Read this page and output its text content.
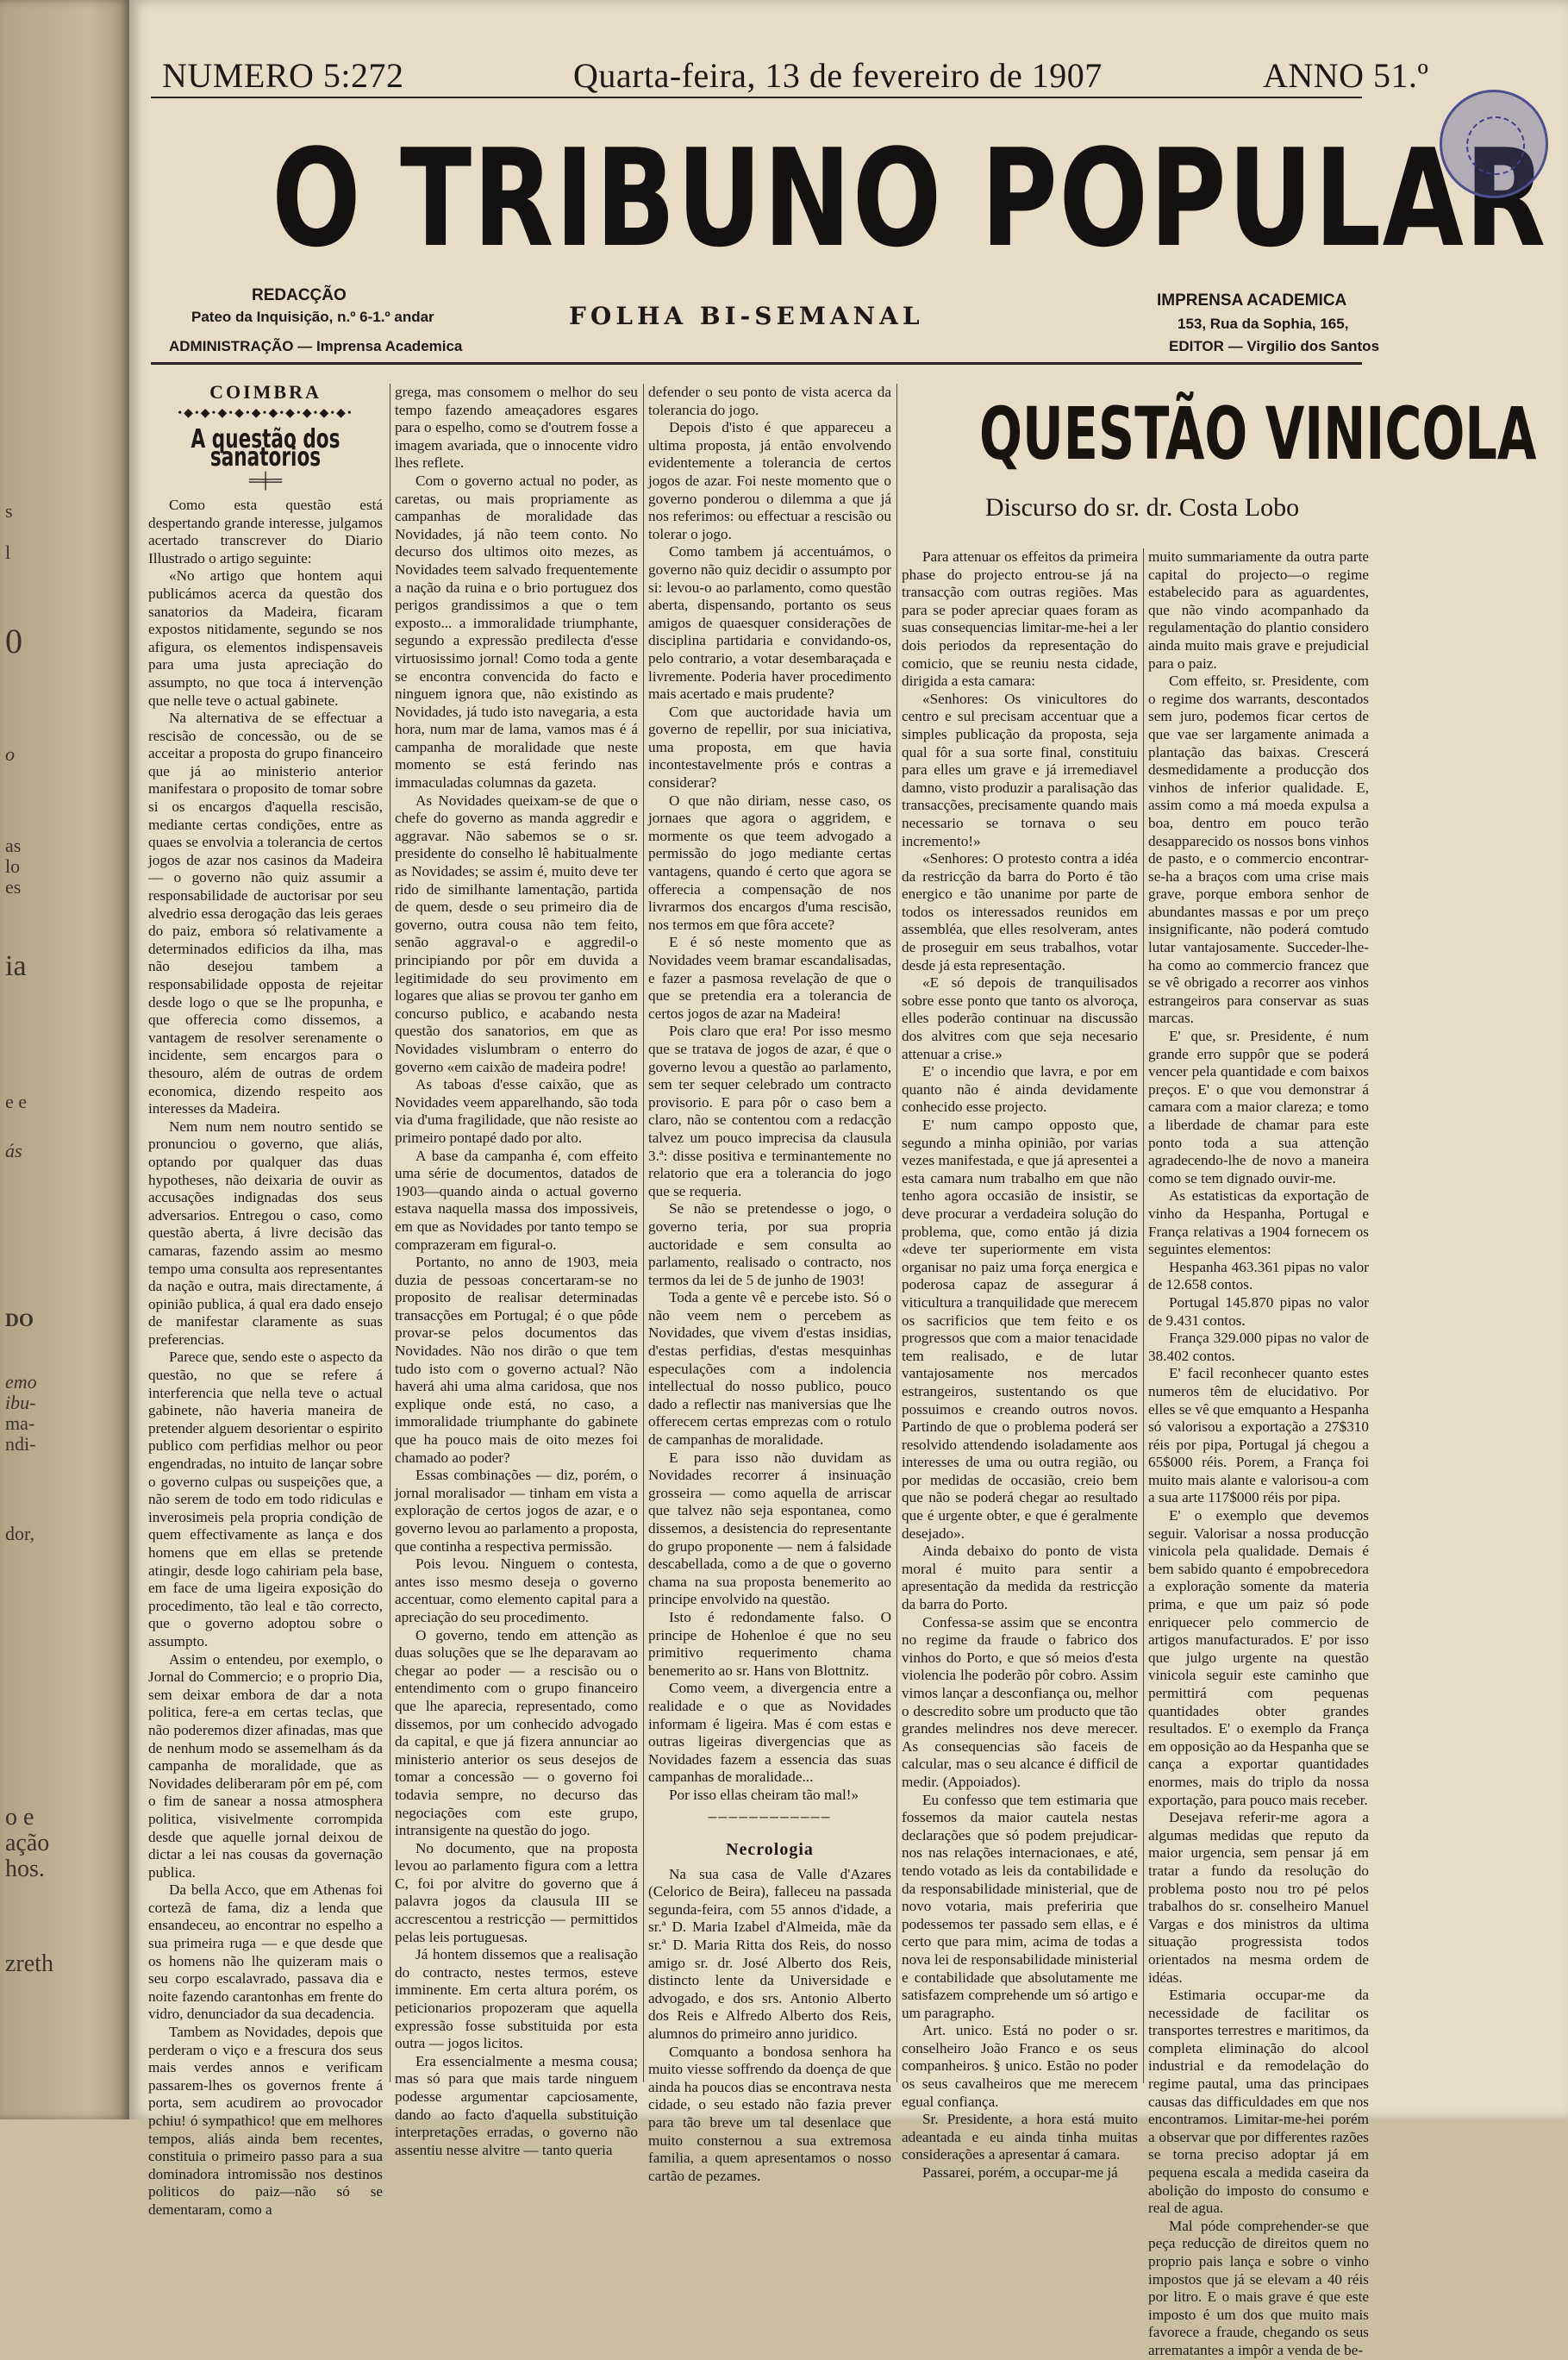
s
l
0
o
as
lo
es
ia
e e
ás
DO
emo
ibu-
ma-
ndi-
dor,
o e
ação
hos.
zreth
NUMERO 5:272	Quarta-feira, 13 de fevereiro de 1907	ANNO 51.º
O TRIBUNO POPULAR
REDACÇÃO
Pateo da Inquisição, n.º 6-1.º andar
ADMINISTRAÇÃO — Imprensa Academica
FOLHA BI-SEMANAL
IMPRENSA ACADEMICA
153, Rua da Sophia, 165,
EDITOR — Virgilio dos Santos
COIMBRA
•◆•◆•◆•◆•◆•◆•◆•◆•◆•◆•
A questão dos sanatorios
═╪═

Como esta questão está despertando grande interesse, julgamos acertado transcrever do Diario Illustrado o artigo seguinte:

«No artigo que hontem aqui publicámos acerca da questão dos sanatorios da Madeira, ficaram expostos nitidamente, segundo se nos afigura, os elementos indispensaveis para uma justa apreciação do assumpto, no que toca á intervenção que nelle teve o actual gabinete.

Na alternativa de se effectuar a rescisão de concessão, ou de se acceitar a proposta do grupo financeiro que já ao ministerio anterior manifestara o proposito de tomar sobre si os encargos d'aquella rescisão, mediante certas condições, entre as quaes se envolvia a tolerancia de certos jogos de azar nos casinos da Madeira — o governo não quiz assumir a responsabilidade de auctorisar por seu alvedrio essa derogação das leis geraes do paiz, embora só relativamente a determinados edificios da ilha, mas não desejou tambem a responsabilidade opposta de rejeitar desde logo o que se lhe propunha, e que offerecia como dissemos, a vantagem de resolver serenamente o incidente, sem encargos para o thesouro, além de outras de ordem economica, dizendo respeito aos interesses da Madeira.

Nem num nem noutro sentido se pronunciou o governo, que aliás, optando por qualquer das duas hypotheses, não deixaria de ouvir as accusações indignadas dos seus adversarios. Entregou o caso, como questão aberta, á livre decisão das camaras, fazendo assim ao mesmo tempo uma consulta aos representantes da nação e outra, mais directamente, á opinião publica, á qual era dado ensejo de manifestar claramente as suas preferencias.

Parece que, sendo este o aspecto da questão, no que se refere á interferencia que nella teve o actual gabinete, não haveria maneira de pretender alguem desorientar o espirito publico com perfidias melhor ou peor engendradas, no intuito de lançar sobre o governo culpas ou suspeições que, a não serem de todo em todo ridiculas e inverosimeis pela propria condição de quem effectivamente as lança e dos homens que em ellas se pretende atingir, desde logo cahiriam pela base, em face de uma ligeira exposição do procedimento, tão leal e tão correcto, que o governo adoptou sobre o assumpto.

Assim o entendeu, por exemplo, o Jornal do Commercio; e o proprio Dia, sem deixar embora de dar a nota politica, fere-a em certas teclas, que não poderemos dizer afinadas, mas que de nenhum modo se assemelham ás da campanha de moralidade, que as Novidades deliberaram pôr em pé, com o fim de sanear a nossa atmosphera politica, visivelmente corrompida desde que aquelle jornal deixou de dictar a lei nas cousas da governação publica.

Da bella Acco, que em Athenas foi cortezã de fama, diz a lenda que ensandeceu, ao encontrar no espelho a sua primeira ruga — e que desde que os homens não lhe quizeram mais o seu corpo escalavrado, passava dia e noite fazendo carantonhas em frente do vidro, denunciador da sua decadencia.

Tambem as Novidades, depois que perderam o viço e a frescura dos seus mais verdes annos e verificam passarem-lhes os governos frente á porta, sem acudirem ao provocador pchiu! ó sympathico! que em melhores tempos, aliás ainda bem recentes, constituia o primeiro passo para a sua dominadora intromissão nos destinos politicos do paiz—não só se dementaram, como a

grega, mas consomem o melhor do seu tempo fazendo ameaçadores esgares para o espelho, como se d'outrem fosse a imagem avariada, que o innocente vidro lhes reflete.

Com o governo actual no poder, as caretas, ou mais propriamente as campanhas de moralidade das Novidades, já não teem conto. No decurso dos ultimos oito mezes, as Novidades teem salvado frequentemente a nação da ruina e o brio portuguez dos perigos grandissimos a que o tem exposto... a immoralidade triumphante, segundo a expressão predilecta d'esse virtuosissimo jornal! Como toda a gente se encontra convencida do facto e ninguem ignora que, não existindo as Novidades, já tudo isto navegaria, a esta hora, num mar de lama, vamos mas é á campanha de moralidade que neste momento se está ferindo nas immaculadas columnas da gazeta.

As Novidades queixam-se de que o chefe do governo as manda aggredir e aggravar. Não sabemos se o sr. presidente do conselho lê habitualmente as Novidades; se assim é, muito deve ter rido de similhante lamentação, partida de quem, desde o seu primeiro dia de governo, outra cousa não tem feito, senão aggraval-o e aggredil-o principiando por pôr em duvida a legitimidade do seu provimento em logares que alias se provou ter ganho em concurso publico, e acabando nesta questão dos sanatorios, em que as Novidades vislumbram o enterro do governo «em caixão de madeira podre!

As taboas d'esse caixão, que as Novidades veem apparelhando, são toda via d'uma fragilidade, que não resiste ao primeiro pontapé dado por alto.

A base da campanha é, com effeito uma série de documentos, datados de 1903—quando ainda o actual governo estava naquella massa dos impossiveis, em que as Novidades por tanto tempo se comprazeram em figural-o.

Portanto, no anno de 1903, meia duzia de pessoas concertaram-se no proposito de realisar determinadas transacções em Portugal; é o que pôde provar-se pelos documentos das Novidades. Não nos dirão o que tem tudo isto com o governo actual? Não haverá ahi uma alma caridosa, que nos explique onde está, no caso, a immoralidade triumphante do gabinete que ha pouco mais de oito mezes foi chamado ao poder?

Essas combinações — diz, porém, o jornal moralisador — tinham em vista a exploração de certos jogos de azar, e o governo levou ao parlamento a proposta, que continha a respectiva permissão.

Pois levou. Ninguem o contesta, antes isso mesmo deseja o governo accentuar, como elemento capital para a apreciação do seu procedimento.

O governo, tendo em attenção as duas soluções que se lhe deparavam ao chegar ao poder — a rescisão ou o entendimento com o grupo financeiro que lhe aparecia, representado, como dissemos, por um conhecido advogado da capital, e que já fizera annunciar ao ministerio anterior os seus desejos de tomar a concessão — o governo foi todavia sempre, no decurso das negociações com este grupo, intransigente na questão do jogo.

No documento, que na proposta levou ao parlamento figura com a lettra C, foi por alvitre do governo que á palavra jogos da clausula III se accrescentou a restricção — permittidos pelas leis portuguesas.

Já hontem dissemos que a realisação do contracto, nestes termos, esteve imminente. Em certa altura porém, os peticionarios propozeram que aquella expressão fosse substituida por esta outra — jogos licitos.

Era essencialmente a mesma cousa; mas só para que mais tarde ninguem podesse argumentar capciosamente, dando ao facto d'aquella substituição interpretações erradas, o governo não assentiu nesse alvitre — tanto queria

defender o seu ponto de vista acerca da tolerancia do jogo.

Depois d'isto é que appareceu a ultima proposta, já então envolvendo evidentemente a tolerancia de certos jogos de azar. Foi neste momento que o governo ponderou o dilemma a que já nos referimos: ou effectuar a rescisão ou tolerar o jogo.

Como tambem já accentuámos, o governo não quiz decidir o assumpto por si: levou-o ao parlamento, como questão aberta, dispensando, portanto os seus amigos de quaesquer considerações de disciplina partidaria e convidando-os, pelo contrario, a votar desembaraçada e livremente. Poderia haver procedimento mais acertado e mais prudente?

Com que auctoridade havia um governo de repellir, por sua iniciativa, uma proposta, em que havia incontestavelmente prós e contras a considerar?

O que não diriam, nesse caso, os jornaes que agora o aggridem, e mormente os que teem advogado a permissão do jogo mediante certas vantagens, quando é certo que agora se offerecia a compensação de nos livrarmos dos encargos d'uma rescisão, nos termos em que fôra accete?

E é só neste momento que as Novidades veem bramar escandalisadas, e fazer a pasmosa revelação de que o que se pretendia era a tolerancia de certos jogos de azar na Madeira!

Pois claro que era! Por isso mesmo que se tratava de jogos de azar, é que o governo levou a questão ao parlamento, sem ter sequer celebrado um contracto provisorio. E para pôr o caso bem a claro, não se contentou com a redacção talvez um pouco imprecisa da clausula 3.ª: disse positiva e terminantemente no relatorio que era a tolerancia do jogo que se requeria.

Se não se pretendesse o jogo, o governo teria, por sua propria auctoridade e sem consulta ao parlamento, realisado o contracto, nos termos da lei de 5 de junho de 1903!

Toda a gente vê e percebe isto. Só o não veem nem o percebem as Novidades, que vivem d'estas insidias, d'estas perfidias, d'estas mesquinhas especulações com a indolencia intellectual do nosso publico, pouco dado a reflectir nas maniversias que lhe offerecem certas emprezas com o rotulo de campanhas de moralidade.

E para isso não duvidam as Novidades recorrer á insinuação grosseira — como aquella de arriscar que talvez não seja espontanea, como dissemos, a desistencia do representante do grupo proponente — nem á falsidade descabellada, como a de que o governo chama na sua proposta benemerito ao principe envolvido na questão.

Isto é redondamente falso. O principe de Hohenloe é que no seu primitivo requerimento chama benemerito ao sr. Hans von Blottnitz.

Como veem, a divergencia entre a realidade e o que as Novidades informam é ligeira. Mas é com estas e outras ligeiras divergencias que as Novidades fazem a essencia das suas campanhas de moralidade...

Por isso ellas cheiram tão mal!»

────────────
Necrologia

Na sua casa de Valle d'Azares (Celorico de Beira), falleceu na passada segunda-feira, com 55 annos d'idade, a sr.ª D. Maria Izabel d'Almeida, mãe da sr.ª D. Maria Ritta dos Reis, do nosso amigo sr. dr. José Alberto dos Reis, distincto lente da Universidade e advogado, e dos srs. Antonio Alberto dos Reis e Alfredo Alberto dos Reis, alumnos do primeiro anno juridico.

Comquanto a bondosa senhora ha muito viesse soffrendo da doença de que ainda ha poucos dias se encontrava nesta cidade, o seu estado não fazia prever para tão breve um tal desenlace que muito consternou a sua extremosa familia, a quem apresentamos o nosso cartão de pezames.

QUESTÃO VINICOLA
Discurso do sr. dr. Costa Lobo

Para attenuar os effeitos da primeira phase do projecto entrou-se já na transacção com outras regiões. Mas para se poder apreciar quaes foram as suas consequencias limitar-me-hei a ler dois periodos da representação do comicio, que se reuniu nesta cidade, dirigida a esta camara:

«Senhores: Os vinicultores do centro e sul precisam accentuar que a simples publicação da proposta, seja qual fôr a sua sorte final, constituiu para elles um grave e já irremediavel damno, visto produzir a paralisação das transacções, precisamente quando mais necessario se tornava o seu incremento!»

«Senhores: O protesto contra a idéa da restricção da barra do Porto é tão energico e tão unanime por parte de todos os interessados reunidos em assembléa, que elles resolveram, antes de proseguir em seus trabalhos, votar desde já esta representação.

«E só depois de tranquilisados sobre esse ponto que tanto os alvoroça, elles poderão continuar na discussão dos alvitres com que seja necesario attenuar a crise.»

E' o incendio que lavra, e por em quanto não é ainda devidamente conhecido esse projecto.

E' num campo opposto que, segundo a minha opinião, por varias vezes manifestada, e que já apresentei a esta camara num trabalho em que não tenho agora occasião de insistir, se deve procurar a verdadeira solução do problema, que, como então já dizia «deve ter superiormente em vista organisar no paiz uma força energica e poderosa capaz de assegurar á viticultura a tranquilidade que merecem os sacrificios que tem feito e os progressos que com a maior tenacidade tem realisado, e de lutar vantajosamente nos mercados estrangeiros, sustentando os que possuimos e creando outros novos. Partindo de que o problema poderá ser resolvido attendendo isoladamente aos interesses de uma ou outra região, ou por medidas de occasião, creio bem que não se poderá chegar ao resultado que é urgente obter, e que é geralmente desejado».

Ainda debaixo do ponto de vista moral é muito para sentir a apresentação da medida da restricção da barra do Porto.

Confessa-se assim que se encontra no regime da fraude o fabrico dos vinhos do Porto, e que só meios d'esta violencia lhe poderão pôr cobro. Assim vimos lançar a desconfiança ou, melhor o descredito sobre um producto que tão grandes melindres nos deve merecer. As consequencias são faceis de calcular, mas o seu alcance é difficil de medir. (Appoiados).

Eu confesso que tem estimaria que fossemos da maior cautela nestas declarações que só podem prejudicar-nos nas relações internacionaes, e até, tendo votado as leis da contabilidade e da responsabilidade ministerial, que de novo votaria, mais preferiria que podessemos ter passado sem ellas, e é certo que para mim, acima de todas a nova lei de responsabilidade ministerial e contabilidade que absolutamente me satisfazem comprehende um só artigo e um paragrapho.

Art. unico. Está no poder o sr. conselheiro João Franco e os seus companheiros. § unico. Estão no poder os seus cavalheiros que me merecem egual confiança.

Sr. Presidente, a hora está muito adeantada e eu ainda tinha muitas considerações a apresentar á camara.

Passarei, porém, a occupar-me já

muito summariamente da outra parte capital do projecto—o regime estabelecido para as aguardentes, que não vindo acompanhado da regulamentação do plantio considero ainda muito mais grave e prejudicial para o paiz.

Com effeito, sr. Presidente, com o regime dos warrants, descontados sem juro, podemos ficar certos de que vae ser largamente animada a plantação das baixas. Crescerá desmedidamente a producção dos vinhos de inferior qualidade. E, assim como a má moeda expulsa a boa, dentro em pouco terão desapparecido os nossos bons vinhos de pasto, e o commercio encontrar-se-ha a braços com uma crise mais grave, porque embora senhor de abundantes massas e por um preço insignificante, não poderá comtudo lutar vantajosamente. Succeder-lhe-ha como ao commercio francez que se vê obrigado a recorrer aos vinhos estrangeiros para conservar as suas marcas.

E' que, sr. Presidente, é num grande erro suppôr que se poderá vencer pela quantidade e com baixos preços. E' o que vou demonstrar á camara com a maior clareza; e tomo a liberdade de chamar para este ponto toda a sua attenção agradecendo-lhe de novo a maneira como se tem dignado ouvir-me.

As estatisticas da exportação de vinho da Hespanha, Portugal e França relativas a 1904 fornecem os seguintes elementos:

Hespanha 463.361 pipas no valor de 12.658 contos.

Portugal 145.870 pipas no valor de 9.431 contos.

França 329.000 pipas no valor de 38.402 contos.

E' facil reconhecer quanto estes numeros têm de elucidativo. Por elles se vê que emquanto a Hespanha só valorisou a exportação a 27$310 réis por pipa, Portugal já chegou a 65$000 réis. Porem, a França foi muito mais alante e valorisou-a com a sua arte 117$000 réis por pipa.

E' o exemplo que devemos seguir. Valorisar a nossa producção vinicola pela qualidade. Demais é bem sabido quanto é empobrecedora a exploração somente da materia prima, e que um paiz só pode enriquecer pelo commercio de artigos manufacturados. E' por isso que julgo urgente na questão vinicola seguir este caminho que permittirá com pequenas quantidades obter grandes resultados. E' o exemplo da França em opposição ao da Hespanha que se cança a exportar quantidades enormes, mais do triplo da nossa exportação, para pouco mais receber.

Desejava referir-me agora a algumas medidas que reputo da maior urgencia, sem pensar já em tratar a fundo da resolução do problema posto nou tro pé pelos trabalhos do sr. conselheiro Manuel Vargas e dos ministros da ultima situação progressista todos orientados na mesma ordem de idéas.

Estimaria occupar-me da necessidade de facilitar os transportes terrestres e maritimos, da completa eliminação do alcool industrial e da remodelação do regime pautal, uma das principaes causas das difficuldades em que nos encontramos. Limitar-me-hei porém a observar que por differentes razões se torna preciso adoptar já em pequena escala a medida caseira da abolição do imposto do consumo e real de agua.

Mal póde comprehender-se que peça reducção de direitos quem no proprio pais lança e sobre o vinho impostos que já se elevam a 40 réis por litro. E o mais grave é que este imposto é um dos que muito mais favorece a fraude, chegando os seus arrematantes a impôr a venda de be-
